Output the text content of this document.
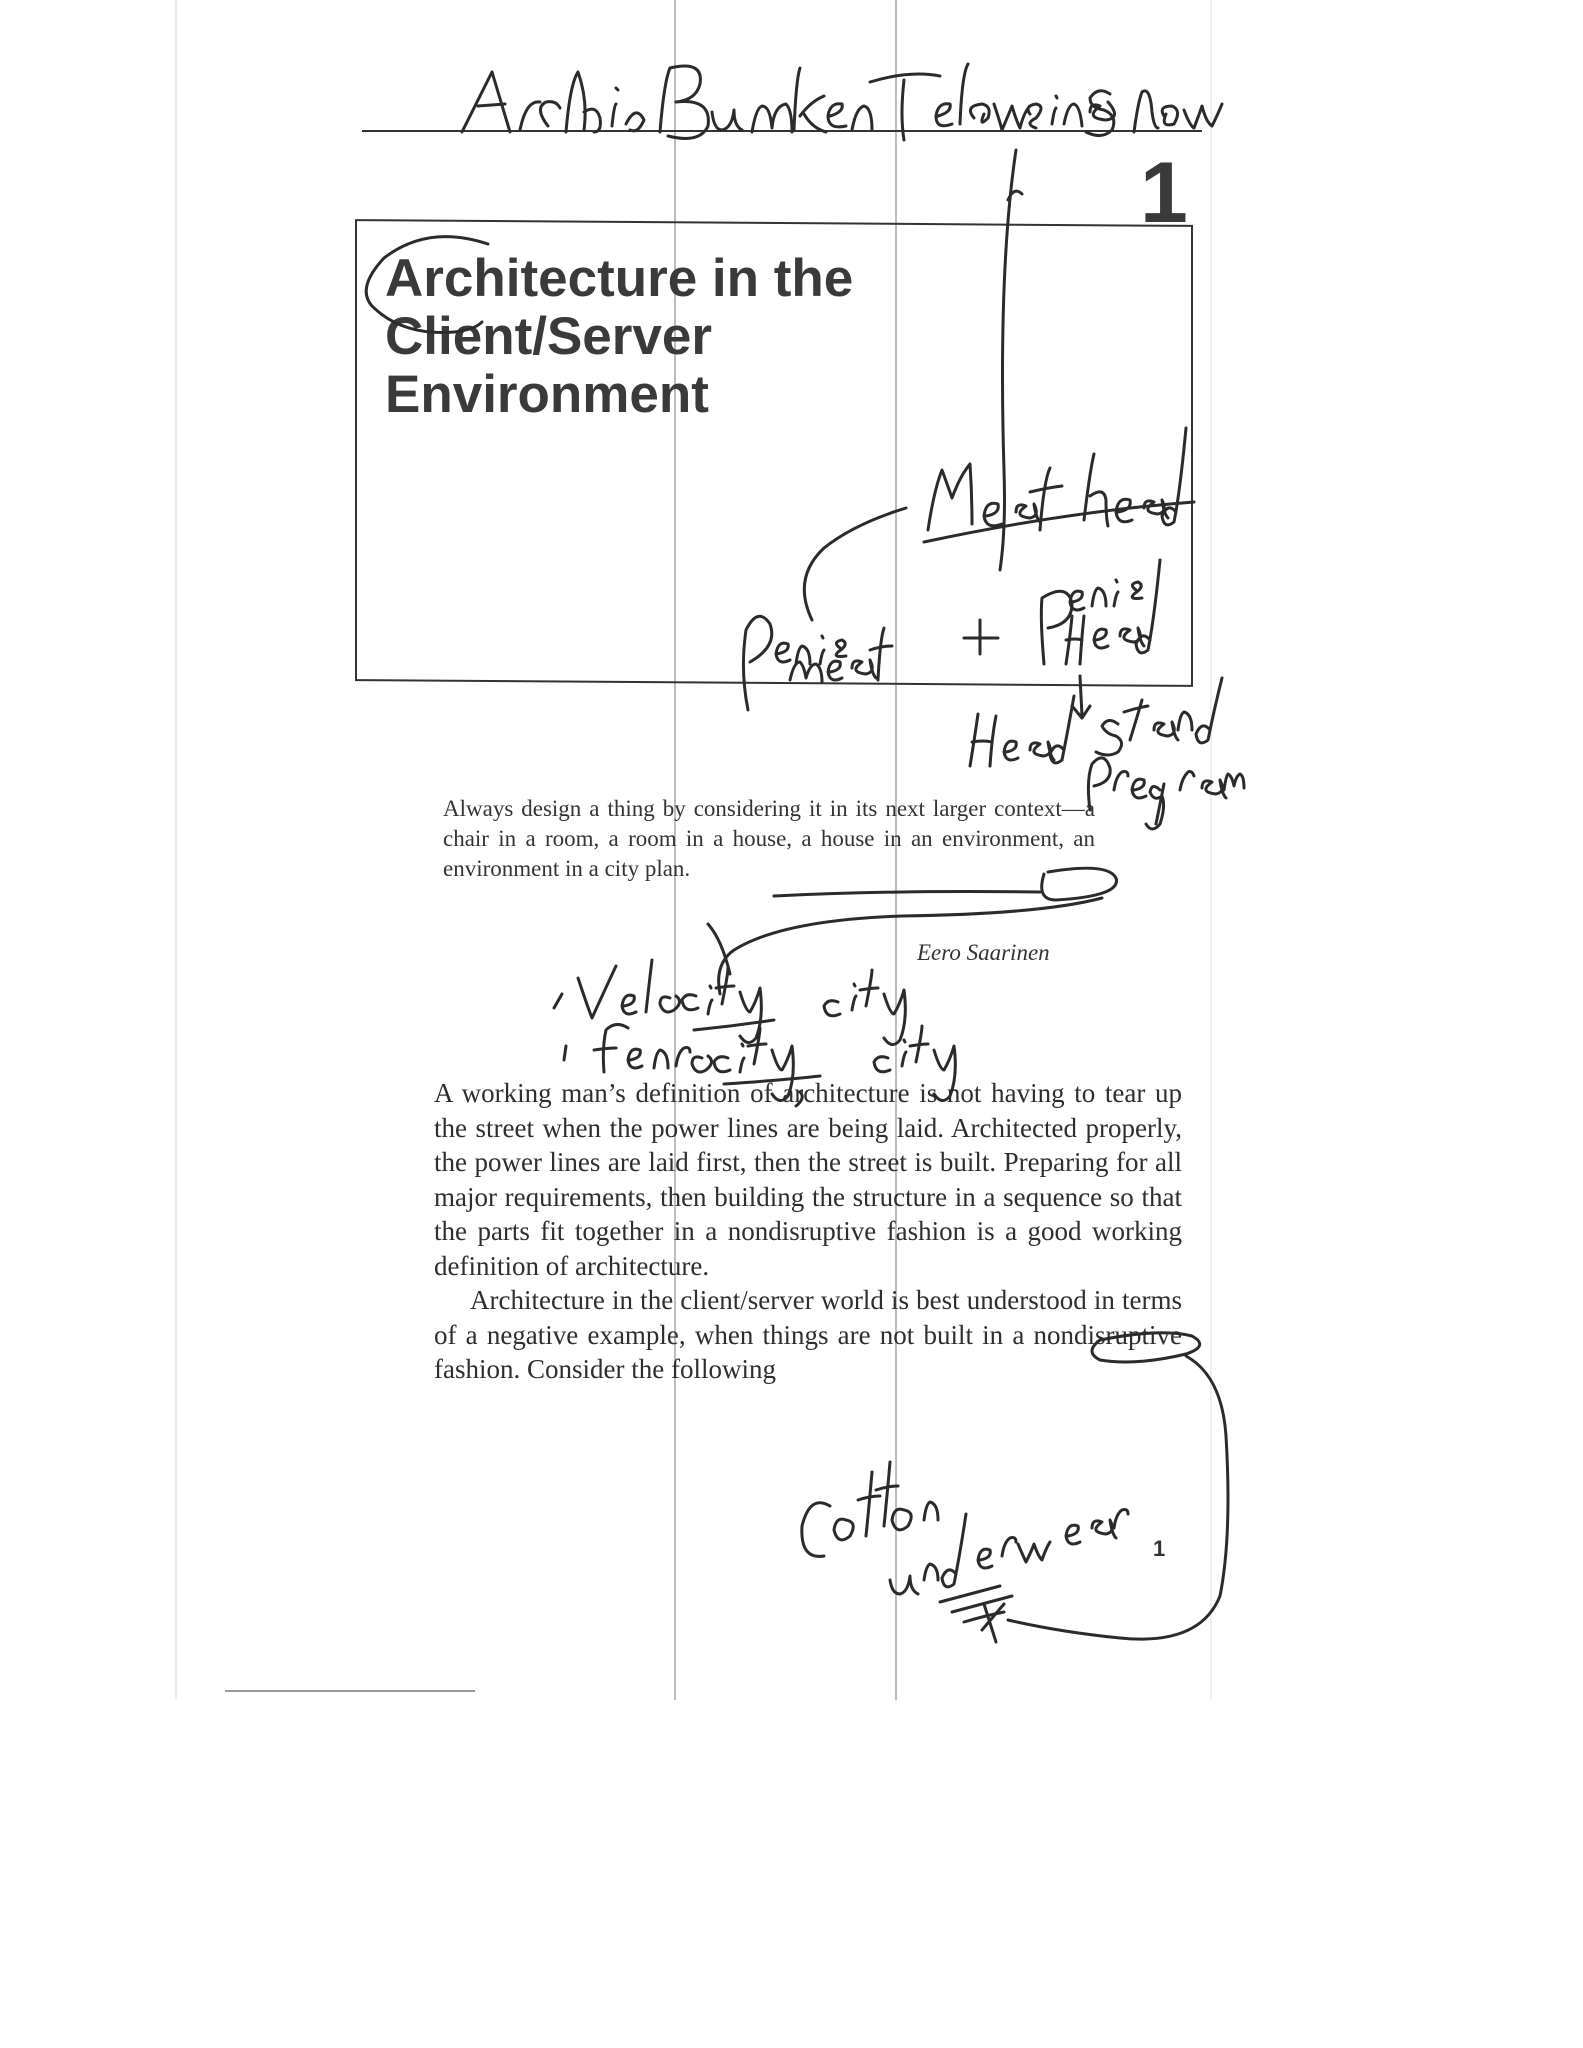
1
Architecture in the
Client/Server
Environment

Always design a thing by considering it in its next larger context—a chair in a room, a room in a house, a house in an environment, an environment in a city plan.

Eero Saarinen

A working man’s definition of architecture is not having to tear up the street when the power lines are being laid. Architected properly, the power lines are laid first, then the street is built. Preparing for all major requirements, then building the structure in a sequence so that the parts fit together in a nondisruptive fashion is a good working definition of architecture.

Architecture in the client/server world is best understood in terms of a negative example, when things are not built in a nondisruptive fashion. Consider the following

1
